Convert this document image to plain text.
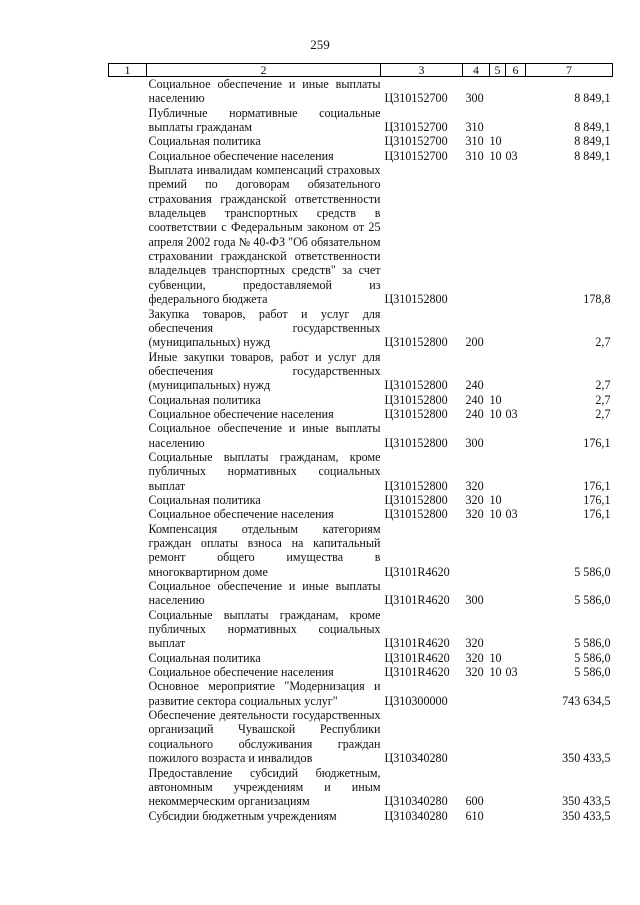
259
1	2	3	4	5	6	7

Социальное обеспечение и иные выплаты населению		Ц310152700	300			8 849,1

Публичные нормативные социальные выплаты гражданам		Ц310152700	310			8 849,1

Социальная политика		Ц310152700	310	10		8 849,1

Социальное обеспечение населения		Ц310152700	310	10	03	8 849,1

Выплата инвалидам компенсаций страховых премий по договорам обязательного страхования гражданской ответственности владельцев транспортных средств в соответствии с Федеральным законом от 25 апреля 2002 года № 40-ФЗ "Об обязательном страховании гражданской ответственности владельцев транспортных средств" за счет субвенции, предоставляемой из федерального бюджета		Ц310152800				178,8

Закупка товаров, работ и услуг для обеспечения государственных (муниципальных) нужд		Ц310152800	200			2,7

Иные закупки товаров, работ и услуг для обеспечения государственных (муниципальных) нужд		Ц310152800	240			2,7

Социальная политика		Ц310152800	240	10		2,7

Социальное обеспечение населения		Ц310152800	240	10	03	2,7

Социальное обеспечение и иные выплаты населению		Ц310152800	300			176,1

Социальные выплаты гражданам, кроме публичных нормативных социальных выплат		Ц310152800	320			176,1

Социальная политика		Ц310152800	320	10		176,1

Социальное обеспечение населения		Ц310152800	320	10	03	176,1

Компенсация отдельным категориям граждан оплаты взноса на капитальный ремонт общего имущества в многоквартирном доме		Ц3101R4620				5 586,0

Социальное обеспечение и иные выплаты населению		Ц3101R4620	300			5 586,0

Социальные выплаты гражданам, кроме публичных нормативных социальных выплат		Ц3101R4620	320			5 586,0

Социальная политика		Ц3101R4620	320	10		5 586,0

Социальное обеспечение населения		Ц3101R4620	320	10	03	5 586,0

Основное мероприятие "Модернизация и развитие сектора социальных услуг"		Ц310300000				743 634,5

Обеспечение деятельности государственных организаций Чувашской Республики социального обслуживания граждан пожилого возраста и инвалидов		Ц310340280				350 433,5

Предоставление субсидий бюджетным, автономным учреждениям и иным некоммерческим организациям		Ц310340280	600			350 433,5

Субсидии бюджетным учреждениям		Ц310340280	610			350 433,5
